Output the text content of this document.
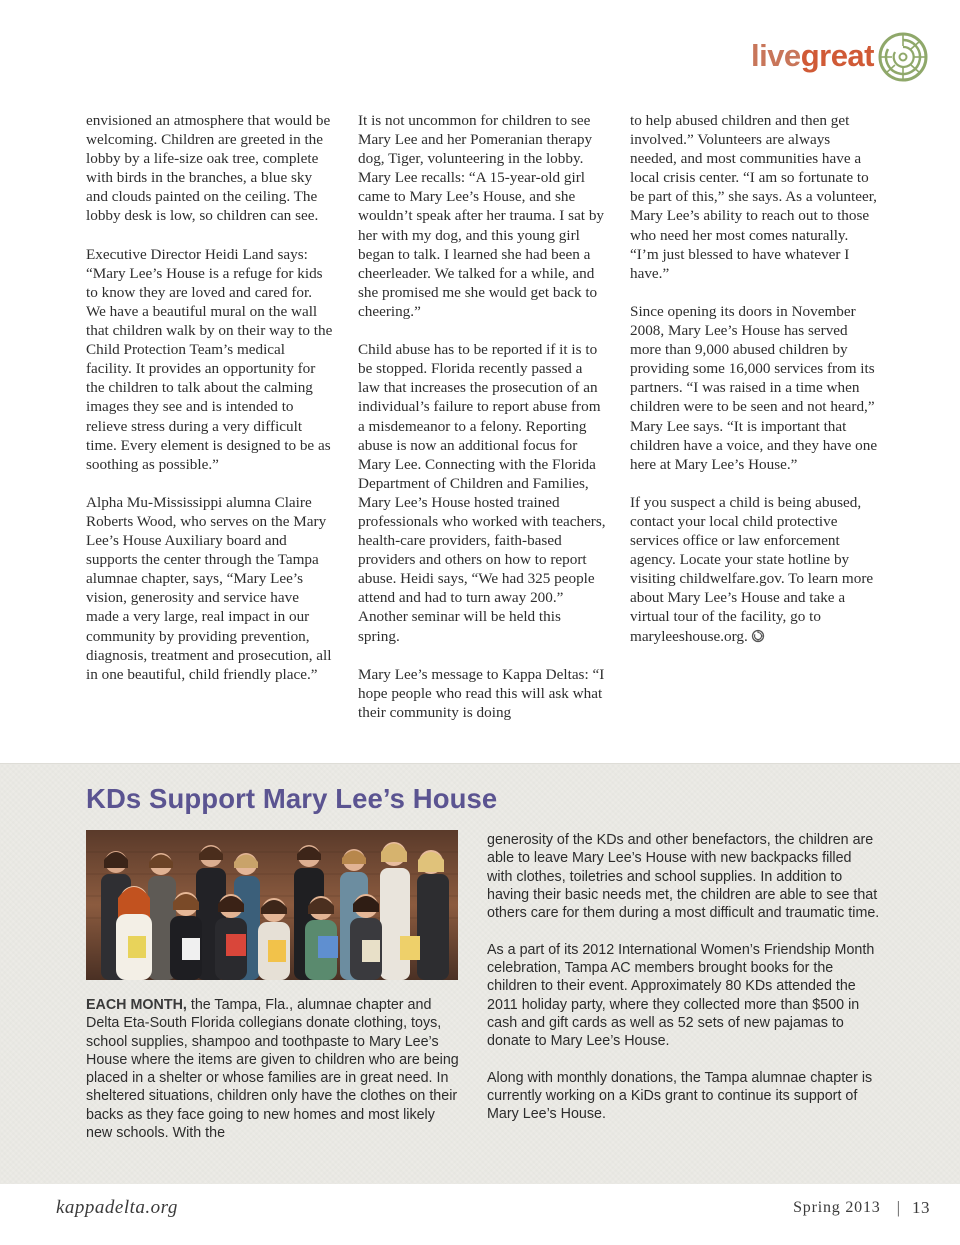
livegreat

envisioned an atmosphere that would be welcoming. Children are greeted in the lobby by a life-size oak tree, complete with birds in the branches, a blue sky and clouds painted on the ceiling. The lobby desk is low, so children can see.

Executive Director Heidi Land says: “Mary Lee’s House is a refuge for kids to know they are loved and cared for. We have a beautiful mural on the wall that children walk by on their way to the Child Protection Team’s medical facility. It provides an opportunity for the children to talk about the calming images they see and is intended to relieve stress during a very difficult time. Every element is designed to be as soothing as possible.”

Alpha Mu-Mississippi alumna Claire Roberts Wood, who serves on the Mary Lee’s House Auxiliary board and supports the center through the Tampa alumnae chapter, says, “Mary Lee’s vision, generosity and service have made a very large, real impact in our community by providing prevention, diagnosis, treatment and prosecution, all in one beautiful, child friendly place.”

It is not uncommon for children to see Mary Lee and her Pomeranian therapy dog, Tiger, volunteering in the lobby. Mary Lee recalls: “A 15-year-old girl came to Mary Lee’s House, and she wouldn’t speak after her trauma. I sat by her with my dog, and this young girl began to talk. I learned she had been a cheerleader. We talked for a while, and she promised me she would get back to cheering.”

Child abuse has to be reported if it is to be stopped. Florida recently passed a law that increases the prosecution of an individual’s failure to report abuse from a misdemeanor to a felony. Reporting abuse is now an additional focus for Mary Lee. Connecting with the Florida Department of Children and Families, Mary Lee’s House hosted trained professionals who worked with teachers, health-care providers, faith-based providers and others on how to report abuse. Heidi says, “We had 325 people attend and had to turn away 200.” Another seminar will be held this spring.

Mary Lee’s message to Kappa Deltas: “I hope people who read this will ask what their community is doing

to help abused children and then get involved.” Volunteers are always needed, and most communities have a local crisis center. “I am so fortunate to be part of this,” she says. As a volunteer, Mary Lee’s ability to reach out to those who need her most comes naturally. “I’m just blessed to have whatever I have.”

Since opening its doors in November 2008, Mary Lee’s House has served more than 9,000 abused children by providing some 16,000 services from its partners. “I was raised in a time when children were to be seen and not heard,” Mary Lee says. “It is important that children have a voice, and they have one here at Mary Lee’s House.”

If you suspect a child is being abused, contact your local child protective services office or law enforcement agency. Locate your state hotline by visiting childwelfare.gov. To learn more about Mary Lee’s House and take a virtual tour of the facility, go to maryleeshouse.org.

KDs Support Mary Lee’s House

EACH MONTH, the Tampa, Fla., alumnae chapter and Delta Eta-South Florida collegians donate clothing, toys, school supplies, shampoo and toothpaste to Mary Lee’s House where the items are given to children who are being placed in a shelter or whose families are in great need. In sheltered situations, children only have the clothes on their backs as they face going to new homes and most likely new schools. With the

generosity of the KDs and other benefactors, the children are able to leave Mary Lee’s House with new backpacks filled with clothes, toiletries and school supplies. In addition to having their basic needs met, the children are able to see that others care for them during a most difficult and traumatic time.

As a part of its 2012 International Women’s Friendship Month celebration, Tampa AC members brought books for the children to their event. Approximately 80 KDs attended the 2011 holiday party, where they collected more than $500 in cash and gift cards as well as 52 sets of new pajamas to donate to Mary Lee’s House.

Along with monthly donations, the Tampa alumnae chapter is currently working on a KiDs grant to continue its support of Mary Lee’s House.

kappadelta.org	Spring 2013 | 13
